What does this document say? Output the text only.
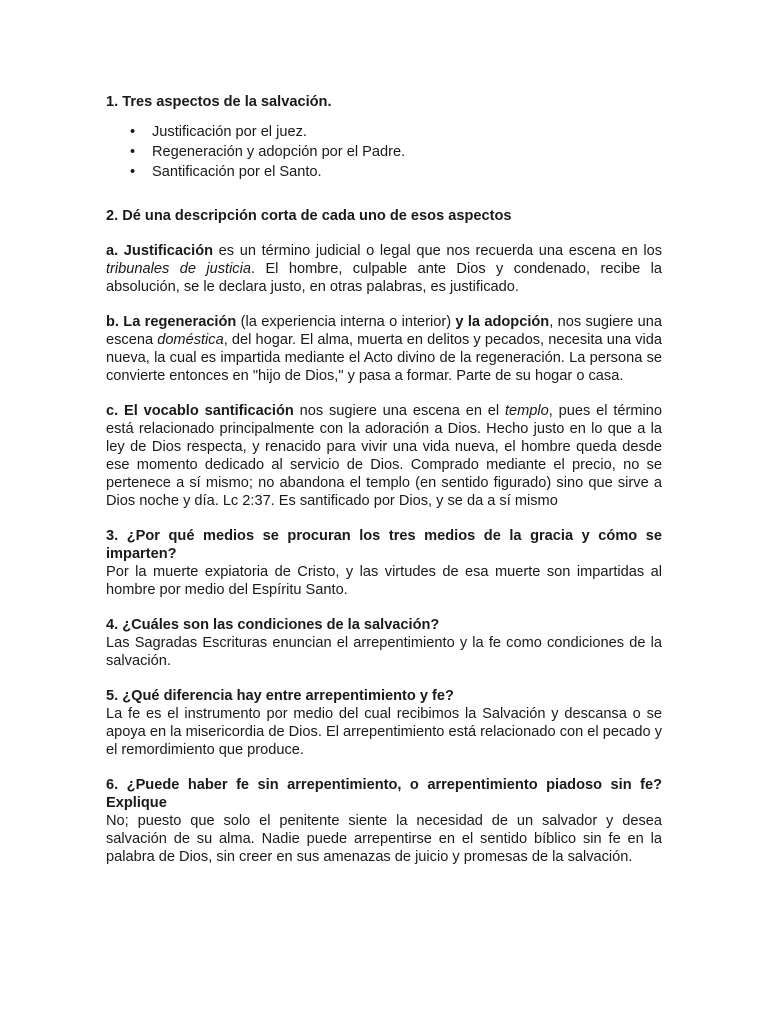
1. Tres aspectos de la salvación.

• Justificación por el juez.
• Regeneración y adopción por el Padre.
• Santificación por el Santo.

2. Dé una descripción corta de cada uno de esos aspectos

a. Justificación es un término judicial o legal que nos recuerda una escena en los tribunales de justicia. El hombre, culpable ante Dios y condenado, recibe la absolución, se le declara justo, en otras palabras, es justificado.

b. La regeneración (la experiencia interna o interior) y la adopción, nos sugiere una escena doméstica, del hogar. El alma, muerta en delitos y pecados, necesita una vida nueva, la cual es impartida mediante el Acto divino de la regeneración. La persona se convierte entonces en "hijo de Dios," y pasa a formar. Parte de su hogar o casa.

c. El vocablo santificación nos sugiere una escena en el templo, pues el término está relacionado principalmente con la adoración a Dios. Hecho justo en lo que a la ley de Dios respecta, y renacido para vivir una vida nueva, el hombre queda desde ese momento dedicado al servicio de Dios. Comprado mediante el precio, no se pertenece a sí mismo; no abandona el templo (en sentido figurado) sino que sirve a Dios noche y día. Lc 2:37. Es santificado por Dios, y se da a sí mismo

3. ¿Por qué medios se procuran los tres medios de la gracia y cómo se imparten?

Por la muerte expiatoria de Cristo, y las virtudes de esa muerte son impartidas al hombre por medio del Espíritu Santo.

4. ¿Cuáles son las condiciones de la salvación?

Las Sagradas Escrituras enuncian el arrepentimiento y la fe como condiciones de la salvación.

5. ¿Qué diferencia hay entre arrepentimiento y fe?

La fe es el instrumento por medio del cual recibimos la Salvación y descansa o se apoya en la misericordia de Dios. El arrepentimiento está relacionado con el pecado y el remordimiento que produce.

6. ¿Puede haber fe sin arrepentimiento, o arrepentimiento piadoso sin fe? Explique

No; puesto que solo el penitente siente la necesidad de un salvador y desea salvación de su alma. Nadie puede arrepentirse en el sentido bíblico sin fe en la palabra de Dios, sin creer en sus amenazas de juicio y promesas de la salvación.
